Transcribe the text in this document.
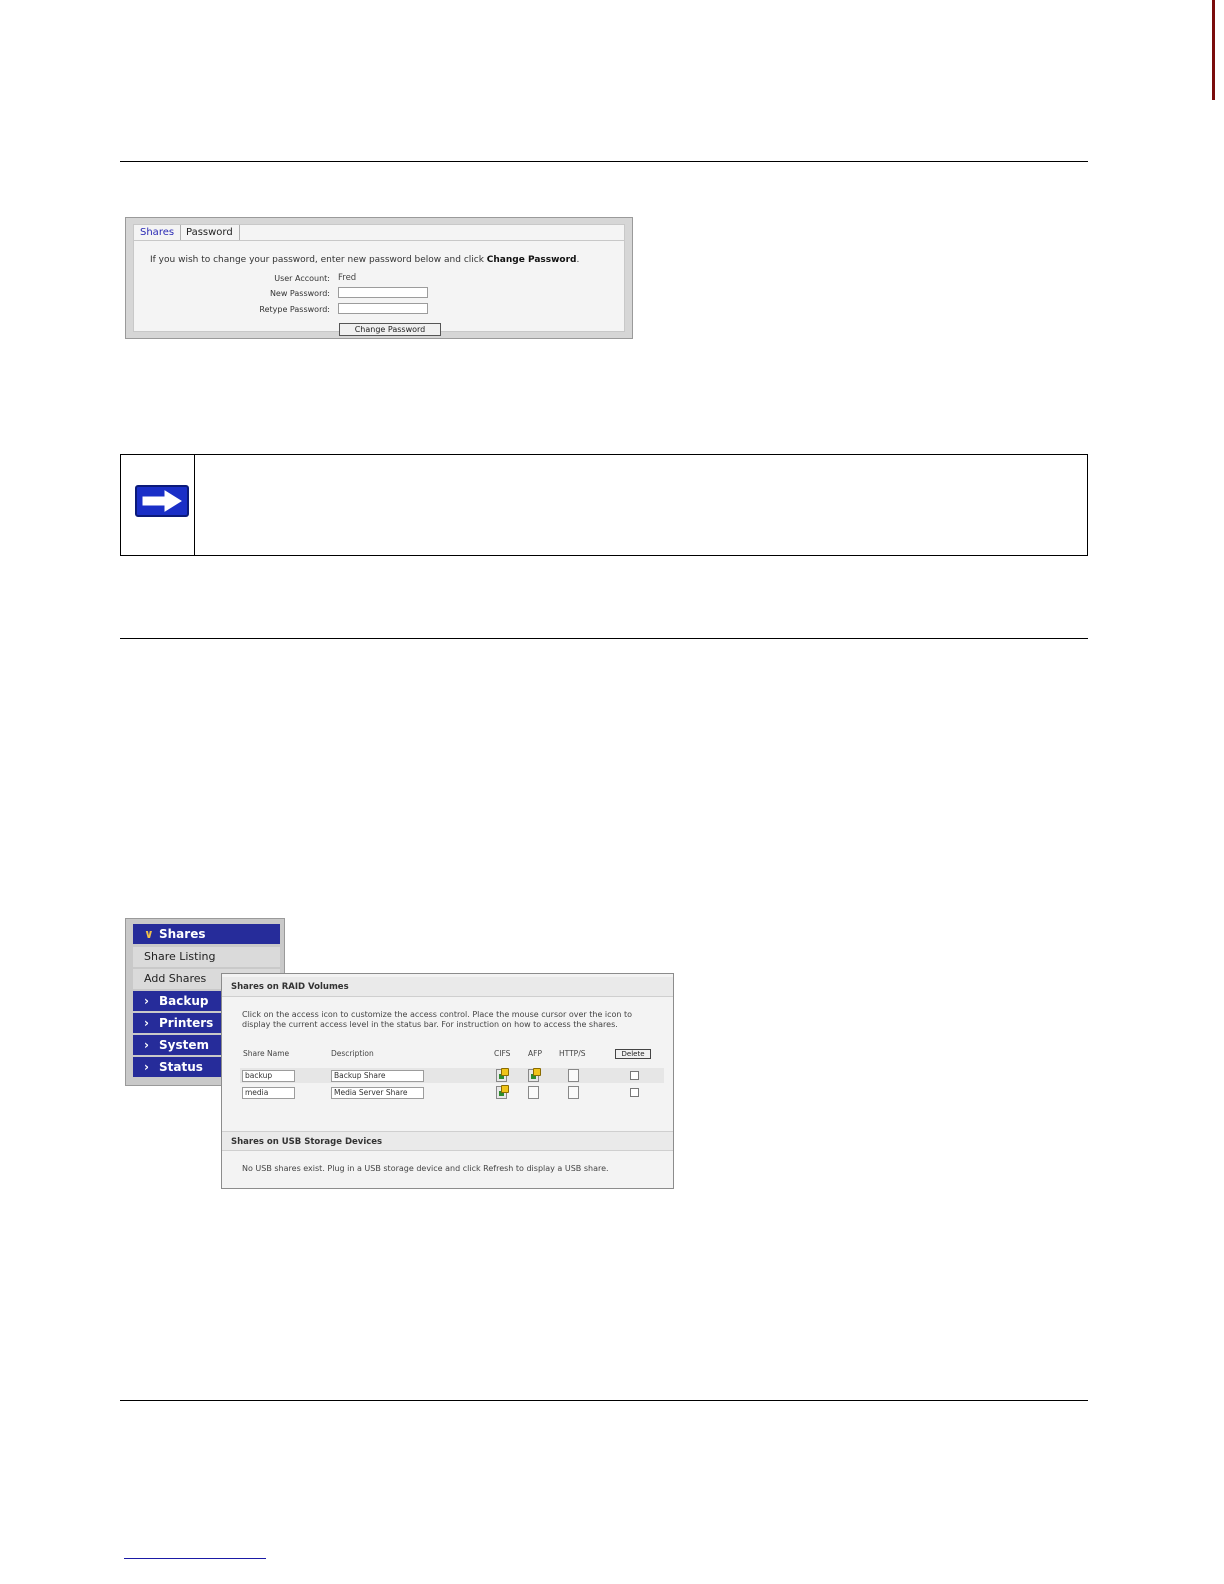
Shares	Password
If you wish to change your password, enter new password below and click Change Password.
User Account: Fred
New Password:
Retype Password:
Change Password
∨ Shares
Share Listing
Add Shares
› Backup
› Printers
› System
› Status
Shares on RAID Volumes
Click on the access icon to customize the access control. Place the mouse cursor over the icon to display the current access level in the status bar. For instruction on how to access the shares.
Share Name	Description	CIFS AFP HTTP/S	Delete
backup	Backup Share
media	Media Server Share
Shares on USB Storage Devices
No USB shares exist. Plug in a USB storage device and click Refresh to display a USB share.
